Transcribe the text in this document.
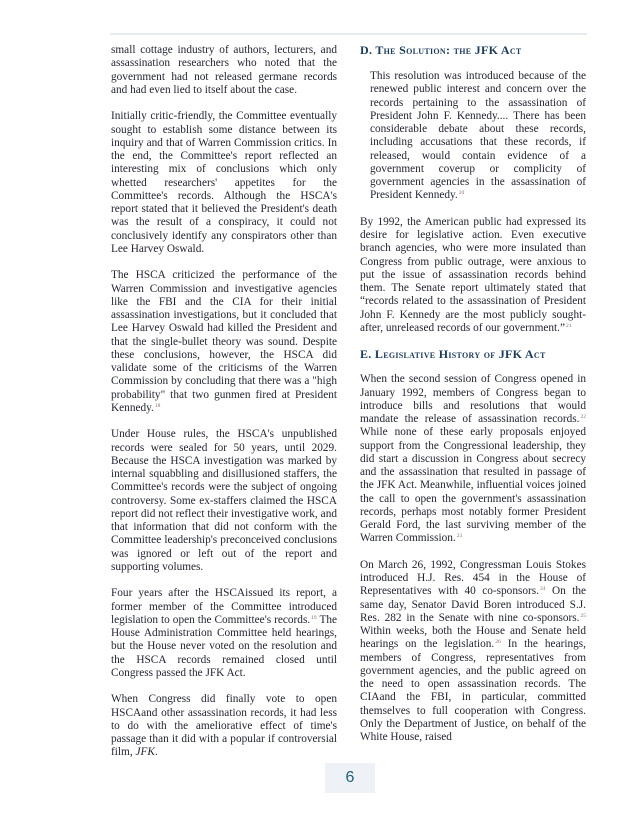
small cottage industry of authors, lecturers, and assassination researchers who noted that the government had not released germane records and had even lied to itself about the case.

Initially critic-friendly, the Committee eventually sought to establish some distance between its inquiry and that of Warren Commission critics. In the end, the Committee's report reflected an interesting mix of conclusions which only whetted researchers' appetites for the Committee's records. Although the HSCA's report stated that it believed the President's death was the result of a conspiracy, it could not conclusively identify any conspirators other than Lee Harvey Oswald.

The HSCA criticized the performance of the Warren Commission and investigative agencies like the FBI and the CIA for their initial assassination investigations, but it concluded that Lee Harvey Oswald had killed the President and that the single-bullet theory was sound. Despite these conclusions, however, the HSCA did validate some of the criticisms of the Warren Commission by concluding that there was a "high probability" that two gunmen fired at President Kennedy.$^{18}$

Under House rules, the HSCA's unpublished records were sealed for 50 years, until 2029. Because the HSCA investigation was marked by internal squabbling and disillusioned staffers, the Committee's records were the subject of ongoing controversy. Some ex-staffers claimed the HSCA report did not reflect their investigative work, and that information that did not conform with the Committee leadership's preconceived conclusions was ignored or left out of the report and supporting volumes.

Four years after the HSCAissued its report, a former member of the Committee introduced legislation to open the Committee's records.$^{19}$ The House Administration Committee held hearings, but the House never voted on the resolution and the HSCA records remained closed until Congress passed the JFK Act.

When Congress did finally vote to open HSCAand other assassination records, it had less to do with the ameliorative effect of time's passage than it did with a popular if controversial film, JFK.

D. The Solution: the JFK Act

This resolution was introduced because of the renewed public interest and concern over the records pertaining to the assassination of President John F. Kennedy.... There has been considerable debate about these records, including accusations that these records, if released, would contain evidence of a government coverup or complicity of government agencies in the assassination of President Kennedy.$^{20}$

By 1992, the American public had expressed its desire for legislative action. Even executive branch agencies, who were more insulated than Congress from public outrage, were anxious to put the issue of assassination records behind them. The Senate report ultimately stated that “records related to the assassination of President John F. Kennedy are the most publicly sought-after, unreleased records of our government.”$^{21}$

E. Legislative History of JFK Act

When the second session of Congress opened in January 1992, members of Congress began to introduce bills and resolutions that would mandate the release of assassination records.$^{22}$ While none of these early proposals enjoyed support from the Congressional leadership, they did start a discussion in Congress about secrecy and the assassination that resulted in passage of the JFK Act. Meanwhile, influential voices joined the call to open the government's assassination records, perhaps most notably former President Gerald Ford, the last surviving member of the Warren Commission.$^{23}$

On March 26, 1992, Congressman Louis Stokes introduced H.J. Res. 454 in the House of Representatives with 40 co-sponsors.$^{24}$ On the same day, Senator David Boren introduced S.J. Res. 282 in the Senate with nine co-sponsors.$^{25}$ Within weeks, both the House and Senate held hearings on the legislation.$^{26}$ In the hearings, members of Congress, representatives from government agencies, and the public agreed on the need to open assassination records. The CIAand the FBI, in particular, committed themselves to full cooperation with Congress. Only the Department of Justice, on behalf of the White House, raised

6
